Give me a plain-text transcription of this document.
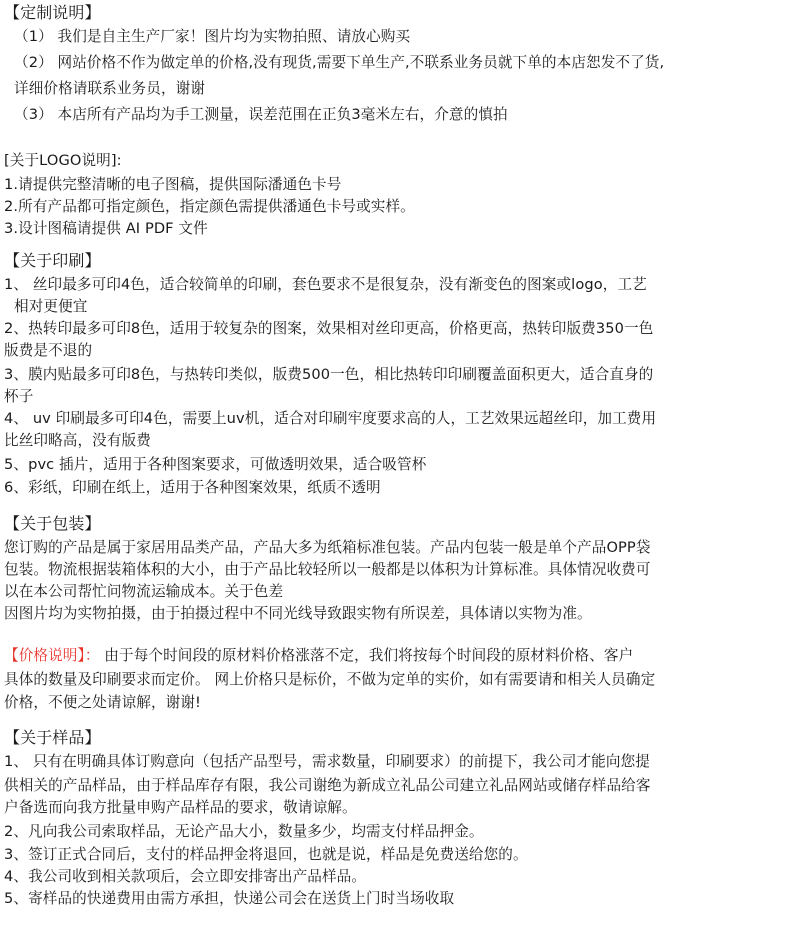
【定制说明】
（1） 我们是自主生产厂家！图片均为实物拍照、请放心购买
（2） 网站价格不作为做定单的价格,没有现货,需要下单生产,不联系业务员就下单的本店恕发不了货,
详细价格请联系业务员，谢谢
（3） 本店所有产品均为手工测量，误差范围在正负3毫米左右，介意的慎拍
[关于LOGO说明]:
1.请提供完整清晰的电子图稿，提供国际潘通色卡号
2.所有产品都可指定颜色，指定颜色需提供潘通色卡号或实样。
3.设计图稿请提供 AI PDF 文件
【关于印刷】
1、 丝印最多可印4色，适合较简单的印刷，套色要求不是很复杂，没有渐变色的图案或logo，工艺
相对更便宜
2、热转印最多可印8色，适用于较复杂的图案，效果相对丝印更高，价格更高，热转印版费350一色
版费是不退的
3、膜内贴最多可印8色，与热转印类似，版费500一色，相比热转印印刷覆盖面积更大，适合直身的
杯子
4、 uv 印刷最多可印4色，需要上uv机，适合对印刷牢度要求高的人，工艺效果远超丝印，加工费用
比丝印略高，没有版费
5、pvc 插片，适用于各种图案要求，可做透明效果，适合吸管杯
6、彩纸，印刷在纸上，适用于各种图案效果，纸质不透明
【关于包装】
您订购的产品是属于家居用品类产品，产品大多为纸箱标准包装。产品内包装一般是单个产品OPP袋
包装。物流根据装箱体积的大小，由于产品比较轻所以一般都是以体积为计算标准。具体情况收费可
以在本公司帮忙问物流运输成本。关于色差
因图片均为实物拍摄，由于拍摄过程中不同光线导致跟实物有所误差，具体请以实物为准。
【价格说明】： 由于每个时间段的原材料价格涨落不定，我们将按每个时间段的原材料价格、客户
具体的数量及印刷要求而定价。 网上价格只是标价，不做为定单的实价，如有需要请和相关人员确定
价格，不便之处请谅解，谢谢!
【关于样品】
1、 只有在明确具体订购意向（包括产品型号，需求数量，印刷要求）的前提下，我公司才能向您提
供相关的产品样品，由于样品库存有限，我公司谢绝为新成立礼品公司建立礼品网站或储存样品给客
户备选而向我方批量申购产品样品的要求，敬请谅解。
2、凡向我公司索取样品，无论产品大小，数量多少，均需支付样品押金。
3、签订正式合同后，支付的样品押金将退回，也就是说，样品是免费送给您的。
4、我公司收到相关款项后，会立即安排寄出产品样品。
5、寄样品的快递费用由需方承担，快递公司会在送货上门时当场收取
